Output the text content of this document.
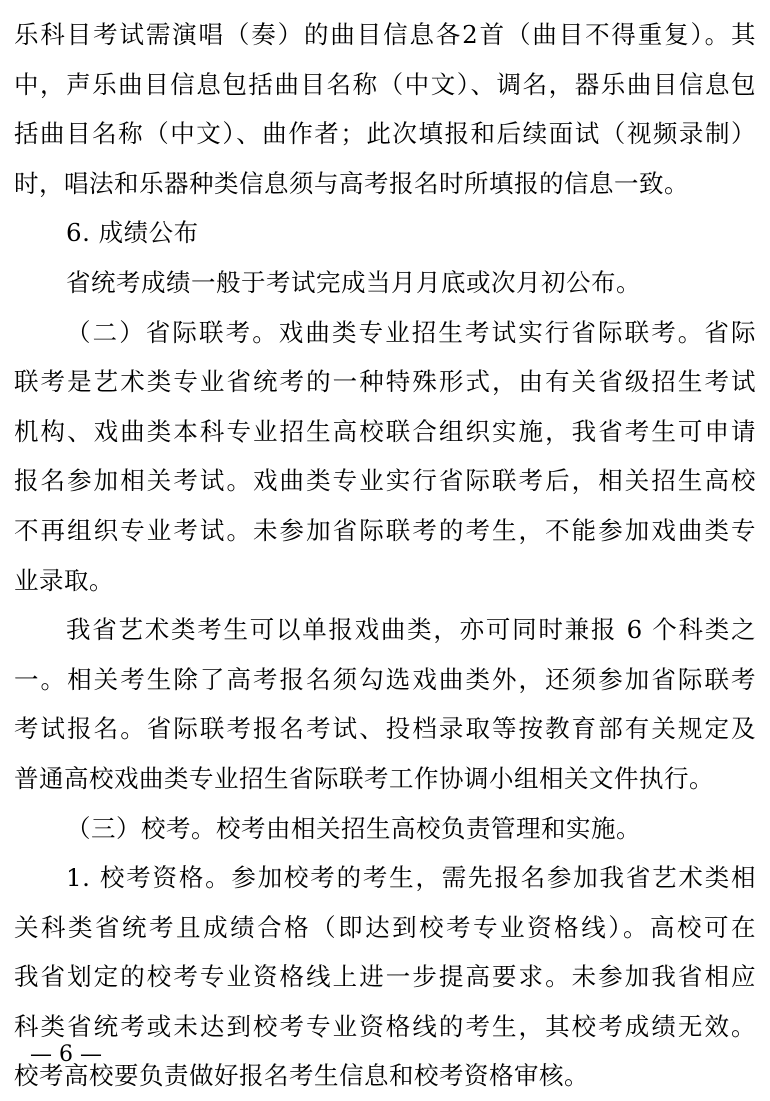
乐科目考试需演唱（奏）的曲目信息各2首（曲目不得重复）。其
中，声乐曲目信息包括曲目名称（中文）、调名，器乐曲目信息包
括曲目名称（中文）、曲作者；此次填报和后续面试（视频录制）
时，唱法和乐器种类信息须与高考报名时所填报的信息一致。
6. 成绩公布
省统考成绩一般于考试完成当月月底或次月初公布。
（二）省际联考。戏曲类专业招生考试实行省际联考。省际
联考是艺术类专业省统考的一种特殊形式，由有关省级招生考试
机构、戏曲类本科专业招生高校联合组织实施，我省考生可申请
报名参加相关考试。戏曲类专业实行省际联考后，相关招生高校
不再组织专业考试。未参加省际联考的考生，不能参加戏曲类专
业录取。
我省艺术类考生可以单报戏曲类，亦可同时兼报 6 个科类之
一。相关考生除了高考报名须勾选戏曲类外，还须参加省际联考
考试报名。省际联考报名考试、投档录取等按教育部有关规定及
普通高校戏曲类专业招生省际联考工作协调小组相关文件执行。
（三）校考。校考由相关招生高校负责管理和实施。
1. 校考资格。参加校考的考生，需先报名参加我省艺术类相
关科类省统考且成绩合格（即达到校考专业资格线）。高校可在
我省划定的校考专业资格线上进一步提高要求。未参加我省相应
科类省统考或未达到校考专业资格线的考生，其校考成绩无效。
校考高校要负责做好报名考生信息和校考资格审核。
— 6 —
